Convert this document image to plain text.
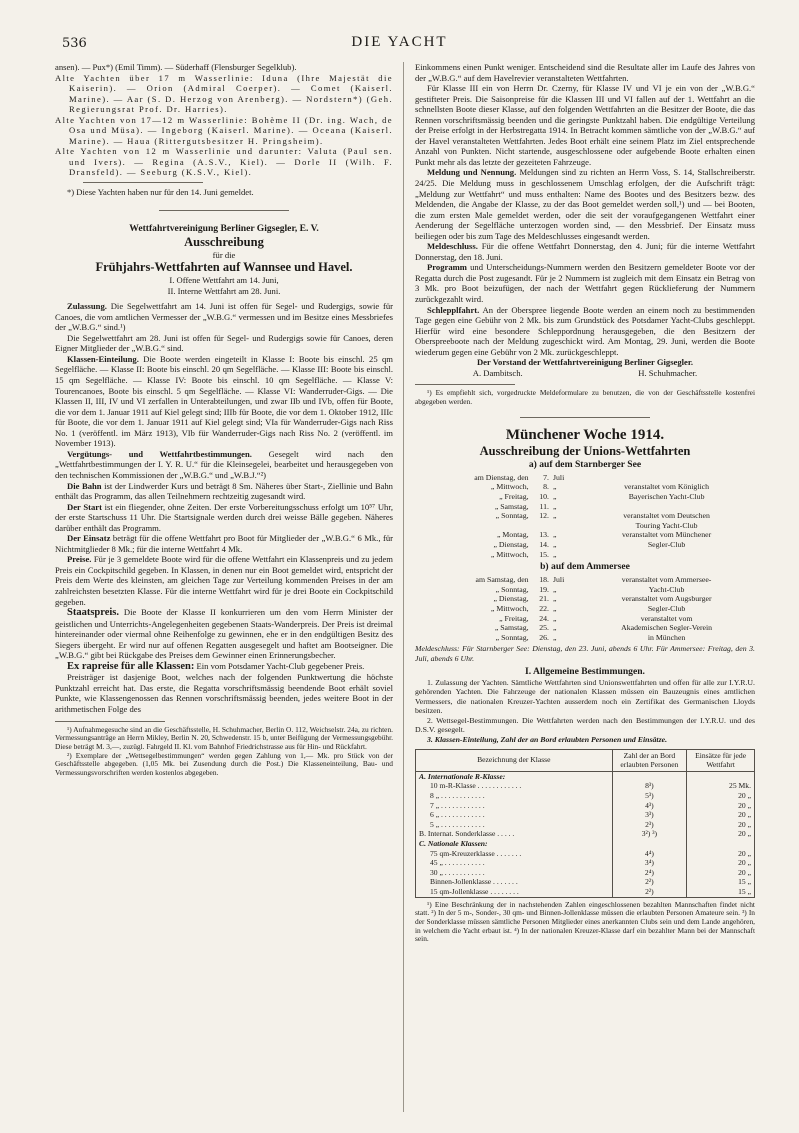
536	DIE YACHT

ansen). — Pux*) (Emil Timm). — Süderhaff (Flensburger Segelklub).

Alte Yachten über 17 m Wasserlinie: Iduna (Ihre Majestät die Kaiserin). — Orion (Admiral Coerper). — Comet (Kaiserl. Marine). — Aar (S. D. Herzog von Arenberg). — Nordstern*) (Geh. Regierungsrat Prof. Dr. Harries).

Alte Yachten von 17—12 m Wasserlinie: Bohème II (Dr. ing. Wach, de Osa und Müsa). — Ingeborg (Kaiserl. Marine). — Oceana (Kaiserl. Marine). — Haua (Rittergutsbesitzer H. Pringsheim).

Alte Yachten von 12 m Wasserlinie und darunter: Valuta (Paul sen. und Ivers). — Regina (A.S.V., Kiel). — Dorle II (Wilh. F. Dransfeld). — Seeburg (K.S.V., Kiel).

*) Diese Yachten haben nur für den 14. Juni gemeldet.

Wettfahrtvereinigung Berliner Gigsegler, E. V.

Ausschreibung

für die

Frühjahrs-Wettfahrten auf Wannsee und Havel.

I. Offene Wettfahrt am 14. Juni,

II. Interne Wettfahrt am 28. Juni.

Zulassung. Die Segelwettfahrt am 14. Juni ist offen für Segel- und Rudergigs, sowie für Canoes, die vom amtlichen Vermesser der „W.B.G.“ vermessen und im Besitze eines Messbriefes der „W.B.G.“ sind.¹)

Die Segelwettfahrt am 28. Juni ist offen für Segel- und Rudergigs sowie für Canoes, deren Eigner Mitglieder der „W.B.G.“ sind.

Klassen-Einteilung. Die Boote werden eingeteilt in Klasse I: Boote bis einschl. 25 qm Segelfläche. — Klasse II: Boote bis einschl. 20 qm Segelfläche. — Klasse III: Boote bis einschl. 15 qm Segelfläche. — Klasse IV: Boote bis einschl. 10 qm Segelfläche. — Klasse V: Tourencanoes, Boote bis einschl. 5 qm Segelfläche. — Klasse VI: Wanderruder-Gigs. — Die Klassen II, III, IV und VI zerfallen in Unterabteilungen, und zwar IIb und IVb, offen für Boote, die vor dem 1. Januar 1911 auf Kiel gelegt sind; IIIb für Boote, die vor dem 1. Oktober 1912, IIIc für Boote, die vor dem 1. Januar 1911 auf Kiel gelegt sind; VIa für Wanderruder-Gigs nach Riss No. 1 (veröffentl. im März 1913), VIb für Wanderruder-Gigs nach Riss No. 2 (veröffentl. im November 1913).

Vergütungs- und Wettfahrtbestimmungen. Gesegelt wird nach den „Wettfahrtbestimmungen der I. Y. R. U.“ für die Kleinsegelei, bearbeitet und herausgegeben von den technischen Kommissionen der „W.B.G.“ und „W.B.J.“²)

Die Bahn ist der Lindwerder Kurs und beträgt 8 Sm. Näheres über Start-, Ziellinie und Bahn enthält das Programm, das allen Teilnehmern rechtzeitig zugesandt wird.

Der Start ist ein fliegender, ohne Zeiten. Der erste Vorbereitungsschuss erfolgt um 10⁵⁷ Uhr, der erste Startschuss 11 Uhr. Die Startsignale werden durch drei weisse Bälle gegeben. Näheres darüber enthält das Programm.

Der Einsatz beträgt für die offene Wettfahrt pro Boot für Mitglieder der „W.B.G.“ 6 Mk., für Nichtmitglieder 8 Mk.; für die interne Wettfahrt 4 Mk.

Preise. Für je 3 gemeldete Boote wird für die offene Wettfahrt ein Klassenpreis und zu jedem Preis ein Cockpitschild gegeben. In Klassen, in denen nur ein Boot gemeldet wird, entspricht der Preis dem Werte des kleinsten, am gleichen Tage zur Verteilung kommenden Preises in der am zahlreichsten besetzten Klasse. Für die interne Wettfahrt wird für je drei Boote ein Cockpitschild gegeben.

Staatspreis. Die Boote der Klasse II konkurrieren um den vom Herrn Minister der geistlichen und Unterrichts-Angelegenheiten gegebenen Staats-Wanderpreis. Der Preis ist dreimal hintereinander oder viermal ohne Reihenfolge zu gewinnen, ehe er in den endgültigen Besitz des Siegers übergeht. Er wird nur auf offenen Regatten ausgesegelt und haftet am Bootseigner. Die „W.B.G.“ gibt bei Rückgabe des Preises dem Gewinner einen Erinnerungsbecher.

Ex rapreise für alle Klassen: Ein vom Potsdamer Yacht-Club gegebener Preis.

Preisträger ist dasjenige Boot, welches nach der folgenden Punktwertung die höchste Punktzahl erreicht hat. Das erste, die Regatta vorschriftsmässig beendende Boot erhält soviel Punkte, wie Klassengenossen das Rennen vorschriftsmässig beenden, jedes weitere Boot in der arithmetischen Folge des

¹) Aufnahmegesuche sind an die Geschäftsstelle, H. Schuhmacher, Berlin O. 112, Weichselstr. 24a, zu richten. Vermessungsanträge an Herrn Mikley, Berlin N. 20, Schwedenstr. 15 b, unter Beifügung der Vermessungsgebühr. Diese beträgt M. 3,—, zuzügl. Fahrgeld II. Kl. vom Bahnhof Friedrichstrasse aus für Hin- und Rückfahrt.

²) Exemplare der „Wettsegelbestimmungen“ werden gegen Zahlung von 1,— Mk. pro Stück von der Geschäftsstelle abgegeben. (1,05 Mk. bei Zusendung durch die Post.) Die Klasseneinteilung, Bau- und Vermessungsvorschriften werden kostenlos abgegeben.

Einkommens einen Punkt weniger. Entscheidend sind die Resultate aller im Laufe des Jahres von der „W.B.G.“ auf dem Havelrevier veranstalteten Wettfahrten.

Für Klasse III ein von Herrn Dr. Czerny, für Klasse IV und VI je ein von der „W.B.G.“ gestifteter Preis. Die Saisonpreise für die Klassen III und VI fallen auf der 1. Wettfahrt an die schnellsten Boote dieser Klasse, auf den folgenden Wettfahrten an die Besitzer der Boote, die das Rennen vorschriftsmässig beenden und die geringste Punktzahl haben. Die endgültige Verteilung der Preise erfolgt in der Herbstregatta 1914. In Betracht kommen sämtliche von der „W.B.G.“ auf der Havel veranstalteten Wettfahrten. Jedes Boot erhält eine seinem Platz im Ziel entsprechende Anzahl von Punkten. Nicht startende, ausgeschlossene oder aufgebende Boote erhalten einen Punkt mehr als das letzte der gezeiteten Fahrzeuge.

Meldung und Nennung. Meldungen sind zu richten an Herrn Voss, S. 14, Stallschreiberstr. 24/25. Die Meldung muss in geschlossenem Umschlag erfolgen, der die Aufschrift trägt: „Meldung zur Wettfahrt“ und muss enthalten: Name des Bootes und des Besitzers bezw. des Meldenden, die Angabe der Klasse, zu der das Boot gemeldet werden soll,¹) und — bei Booten, die zum ersten Male gemeldet werden, oder die seit der voraufgegangenen Wettfahrt einer Aenderung der Segelfläche unterzogen worden sind, — den Messbrief. Der Einsatz muss beiliegen oder bis zum Tage des Meldeschlusses eingesandt werden.

Meldeschluss. Für die offene Wettfahrt Donnerstag, den 4. Juni; für die interne Wettfahrt Donnerstag, den 18. Juni.

Programm und Unterscheidungs-Nummern werden den Besitzern gemeldeter Boote vor der Regatta durch die Post zugesandt. Für je 2 Nummern ist zugleich mit dem Einsatz ein Betrag von 3 Mk. pro Boot beizufügen, der nach der Wettfahrt gegen Rücklieferung der Nummern zurückgezahlt wird.

Schlepplfahrt. An der Oberspree liegende Boote werden an einem noch zu bestimmenden Tage gegen eine Gebühr von 2 Mk. bis zum Grundstück des Potsdamer Yacht-Clubs geschleppt. Hierfür wird eine besondere Schleppordnung herausgegeben, die den Besitzern der Oberspreeboote nach der Meldung zugeschickt wird. Am Montag, 29. Juni, werden die Boote wiederum gegen eine Gebühr von 2 Mk. zurückgeschleppt.

Der Vorstand der Wettfahrtvereinigung Berliner Gigsegler.

A. Dambitsch.	H. Schuhmacher.

¹) Es empfiehlt sich, vorgedruckte Meldeformulare zu benutzen, die von der Geschäftsstelle kostenfrei abgegeben werden.

Münchener Woche 1914.

Ausschreibung der Unions-Wettfahrten

a) auf dem Starnberger See

am Dienstag, den	7.	Juli	
„ Mittwoch,	8.	„	veranstaltet vom Königlich
„ Freitag,	10.	„	Bayerischen Yacht-Club
„ Samstag,	11.	„	
„ Sonntag,	12.	„	veranstaltet vom Deutschen
			Touring Yacht-Club
„ Montag,	13.	„	veranstaltet vom Münchener
„ Dienstag,	14.	„	Segler-Club
„ Mittwoch,	15.	„	

b) auf dem Ammersee

am Samstag, den	18.	Juli	veranstaltet vom Ammersee-
„ Sonntag,	19.	„	Yacht-Club
„ Dienstag,	21.	„	veranstaltet vom Augsburger
„ Mittwoch,	22.	„	Segler-Club
„ Freitag,	24.	„	veranstaltet vom
„ Samstag,	25.	„	Akademischen Segler-Verein
„ Sonntag,	26.	„	in München

Meldeschluss: Für Starnberger See: Dienstag, den 23. Juni, abends 6 Uhr. Für Ammersee: Freitag, den 3. Juli, abends 6 Uhr.

I. Allgemeine Bestimmungen.

1. Zulassung der Yachten. Sämtliche Wettfahrten sind Unionswettfahrten und offen für alle zur I.Y.R.U. gehörenden Yachten. Die Fahrzeuge der nationalen Klassen müssen ein Bauzeugnis eines amtlichen Vermessers, die nationalen Kreuzer-Yachten ausserdem noch ein Zertifikat des Germanischen Lloyds besitzen.

2. Wettsegel-Bestimmungen. Die Wettfahrten werden nach den Bestimmungen der I.Y.R.U. und des D.S.V. gesegelt.

3. Klassen-Einteilung, Zahl der an Bord erlaubten Personen und Einsätze.

Bezeichnung der Klasse	Zahl der an Bord erlaubten Personen	Einsätze für jede Wettfahrt
A. Internationale R-Klasse:		
10 m-R-Klasse . . . . . . . . . . . .	8³)	25 Mk.
8 „ . . . . . . . . . . . .	5³)	20 „
7 „ . . . . . . . . . . . .	4³)	20 „
6 „ . . . . . . . . . . . .	3³)	20 „
5 „ . . . . . . . . . . . .	2³)	20 „
B. Internat. Sonderklasse . . . . .	3²) ³)	20 „
C. Nationale Klassen:		
75 qm-Kreuzerklasse . . . . . . .	4⁴)	20 „
45 „ . . . . . . . . . . .	3⁴)	20 „
30 „ . . . . . . . . . . .	2⁴)	20 „
Binnen-Jollenklasse . . . . . . .	2²)	15 „
15 qm-Jollenklasse . . . . . . . .	2²)	15 „

¹) Eine Beschränkung der in nachstehenden Zahlen eingeschlossenen bezahlten Mannschaften findet nicht statt. ²) In der 5 m-, Sonder-, 30 qm- und Binnen-Jollenklasse müssen die erlaubten Personen Amateure sein. ³) In der Sonderklasse müssen sämtliche Personen Mitglieder eines anerkannten Clubs sein und dem Lande angehören, in welchem die Yacht erbaut ist. ⁴) In der nationalen Kreuzer-Klasse darf ein bezahlter Mann bei der Mannschaft sein.
